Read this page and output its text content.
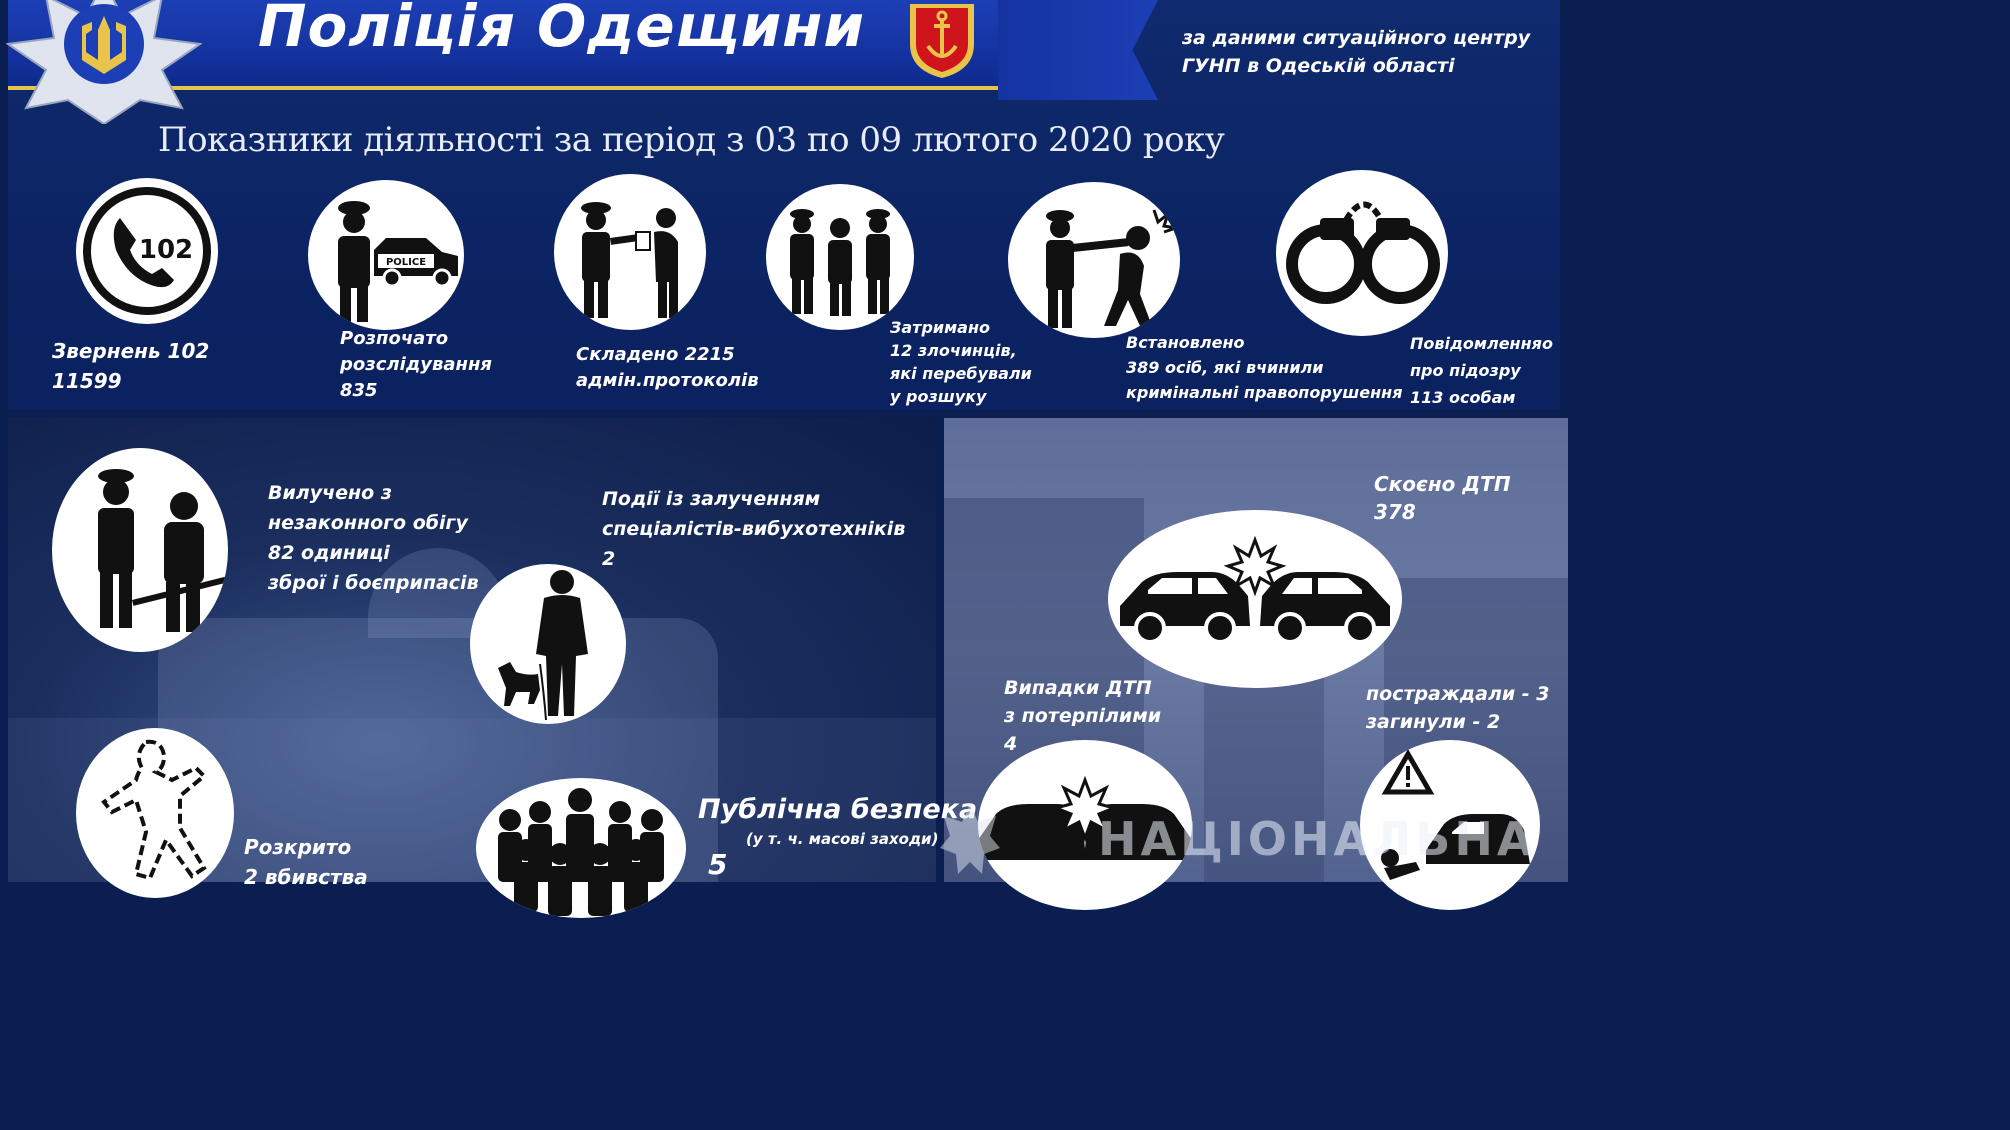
Поліція Одещини	за даними ситуаційного центру
ГУНП в Одеській області
Показники діяльності за період з 03 по 09 лютого 2020 року
102	POLICE
Звернень 102
11599
Розпочато
розслідування
835
Складено 2215
адмін.протоколів
Затримано
12 злочинців,
які перебували
у розшуку
Встановлено
389 осіб, які вчинили
кримінальні правопорушення
Повідомленняо
про підозру
113 особам
Вилучено з
незаконного обігу
82 одиниці
зброї і боєприпасів
Події із залученням
спеціалістів-вибухотехніків
2
Розкрито
2 вбивства
Публічна безпека
(у т. ч. масові заходи)
5
Скоєно ДТП
378
Випадки ДТП
з потерпілими
4
постраждали - 3
загинули - 2
НАЦІОНАЛЬНА
